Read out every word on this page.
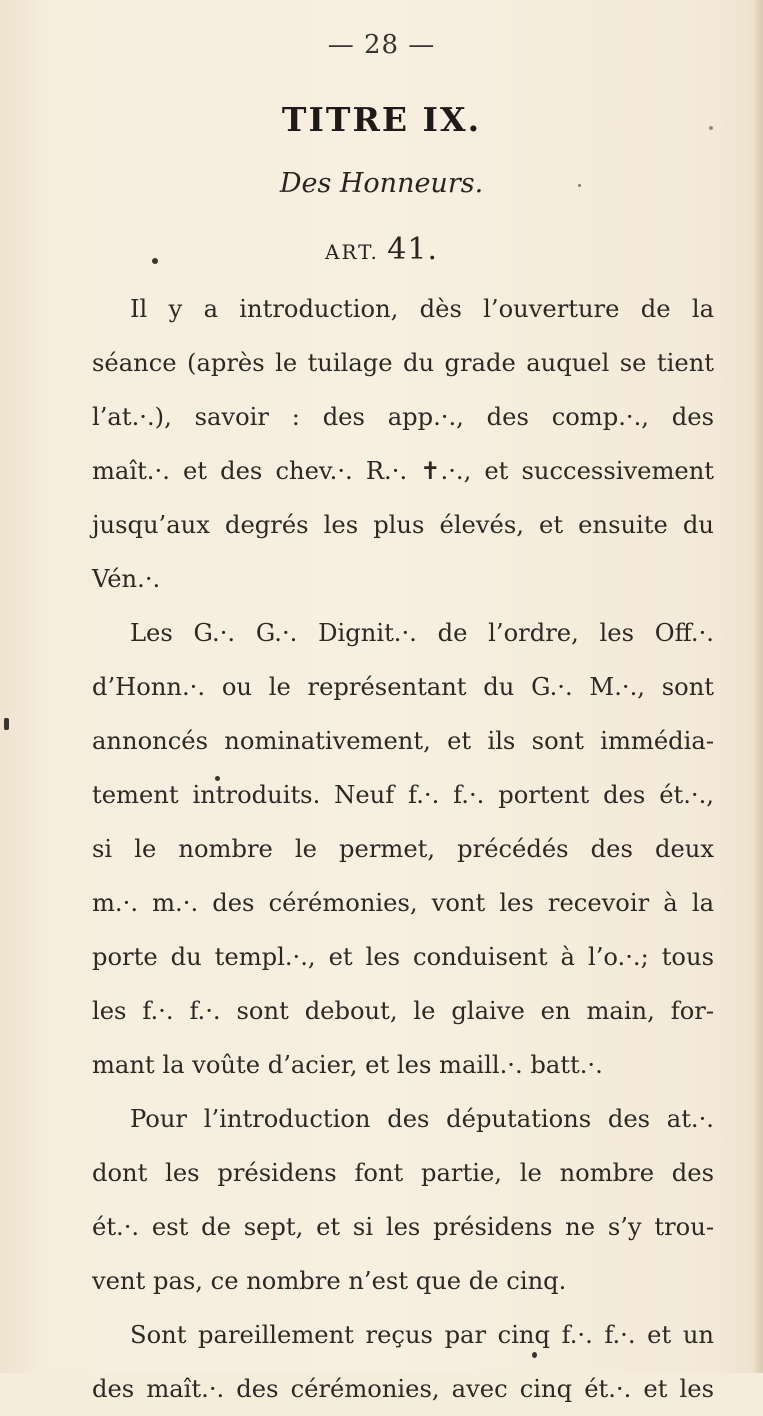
— 28 —
TITRE IX.
Des Honneurs.
ART. 41.
Il y a introduction, dès l’ouverture de la
séance (après le tuilage du grade auquel se tient
l’at.·.), savoir : des app.·., des comp.·., des
maît.·. et des chev.·. R.·. ✝.·., et successivement
jusqu’aux degrés les plus élevés, et ensuite du
Vén.·.
Les G.·. G.·. Dignit.·. de l’ordre, les Off.·.
d’Honn.·. ou le représentant du G.·. M.·., sont
annoncés nominativement, et ils sont immédia-
tement introduits. Neuf f.·. f.·. portent des ét.·.,
si le nombre le permet, précédés des deux
m.·. m.·. des cérémonies, vont les recevoir à la
porte du templ.·., et les conduisent à l’o.·.; tous
les f.·. f.·. sont debout, le glaive en main, for-
mant la voûte d’acier, et les maill.·. batt.·.
Pour l’introduction des députations des at.·.
dont les présidens font partie, le nombre des
ét.·. est de sept, et si les présidens ne s’y trou-
vent pas, ce nombre n’est que de cinq.
Sont pareillement reçus par cinq f.·. f.·. et un
des maît.·. des cérémonies, avec cinq ét.·. et les
